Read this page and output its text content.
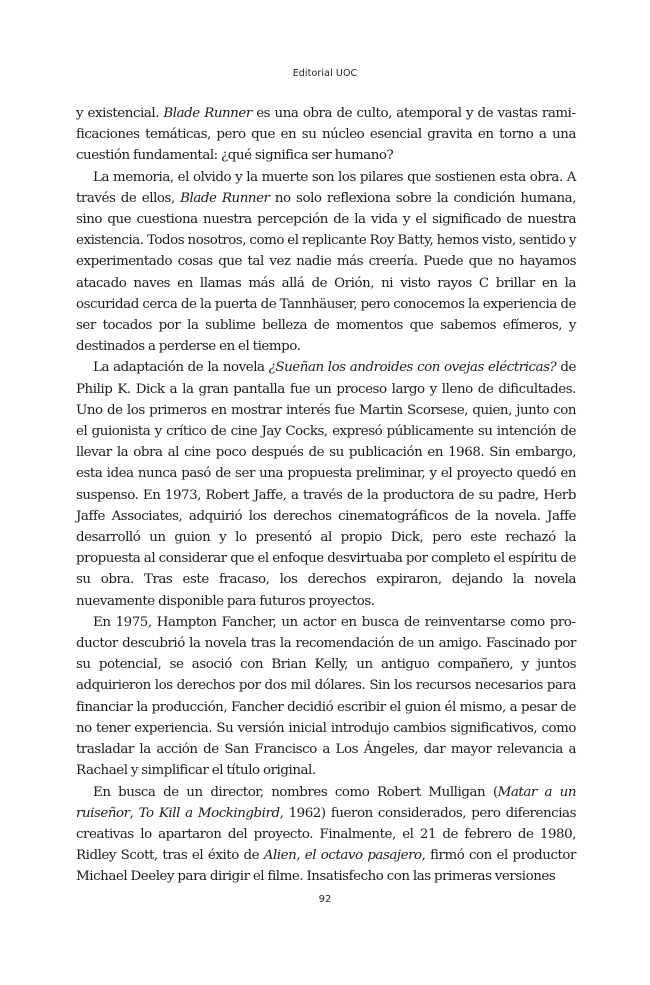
Editorial UOC

y existencial. Blade Runner es una obra de culto, atemporal y de vastas ramificaciones temáticas, pero que en su núcleo esencial gravita en torno a una cuestión fundamental: ¿qué significa ser humano?

La memoria, el olvido y la muerte son los pilares que sostienen esta obra. A través de ellos, Blade Runner no solo reflexiona sobre la condición humana, sino que cuestiona nuestra percepción de la vida y el significado de nuestra existencia. Todos nosotros, como el replicante Roy Batty, hemos visto, sentido y experimentado cosas que tal vez nadie más creería. Puede que no hayamos atacado naves en llamas más allá de Orión, ni visto rayos C brillar en la oscuridad cerca de la puerta de Tannhäuser, pero conocemos la experiencia de ser tocados por la sublime belleza de momentos que sabemos efímeros, y destinados a perderse en el tiempo.

La adaptación de la novela ¿Sueñan los androides con ovejas eléctricas? de Philip K. Dick a la gran pantalla fue un proceso largo y lleno de dificultades. Uno de los primeros en mostrar interés fue Martin Scorsese, quien, junto con el guionista y crítico de cine Jay Cocks, expresó públicamente su intención de llevar la obra al cine poco después de su publicación en 1968. Sin embargo, esta idea nunca pasó de ser una propuesta preliminar, y el proyecto quedó en suspenso. En 1973, Robert Jaffe, a través de la productora de su padre, Herb Jaffe Associates, adquirió los derechos cinematográficos de la novela. Jaffe desarrolló un guion y lo presentó al propio Dick, pero este rechazó la propuesta al considerar que el enfoque desvirtuaba por completo el espíritu de su obra. Tras este fracaso, los derechos expiraron, dejando la novela nuevamente disponible para futuros proyectos.

En 1975, Hampton Fancher, un actor en busca de reinventarse como productor descubrió la novela tras la recomendación de un amigo. Fascinado por su potencial, se asoció con Brian Kelly, un antiguo compañero, y juntos adquirieron los derechos por dos mil dólares. Sin los recursos necesarios para financiar la producción, Fancher decidió escribir el guion él mismo, a pesar de no tener experiencia. Su versión inicial introdujo cambios significativos, como trasladar la acción de San Francisco a Los Ángeles, dar mayor relevancia a Rachael y simplificar el título original.

En busca de un director, nombres como Robert Mulligan (Matar a un ruiseñor, To Kill a Mockingbird, 1962) fueron considerados, pero diferencias creativas lo apartaron del proyecto. Finalmente, el 21 de febrero de 1980, Ridley Scott, tras el éxito de Alien, el octavo pasajero, firmó con el productor Michael Deeley para dirigir el filme. Insatisfecho con las primeras versiones

92
